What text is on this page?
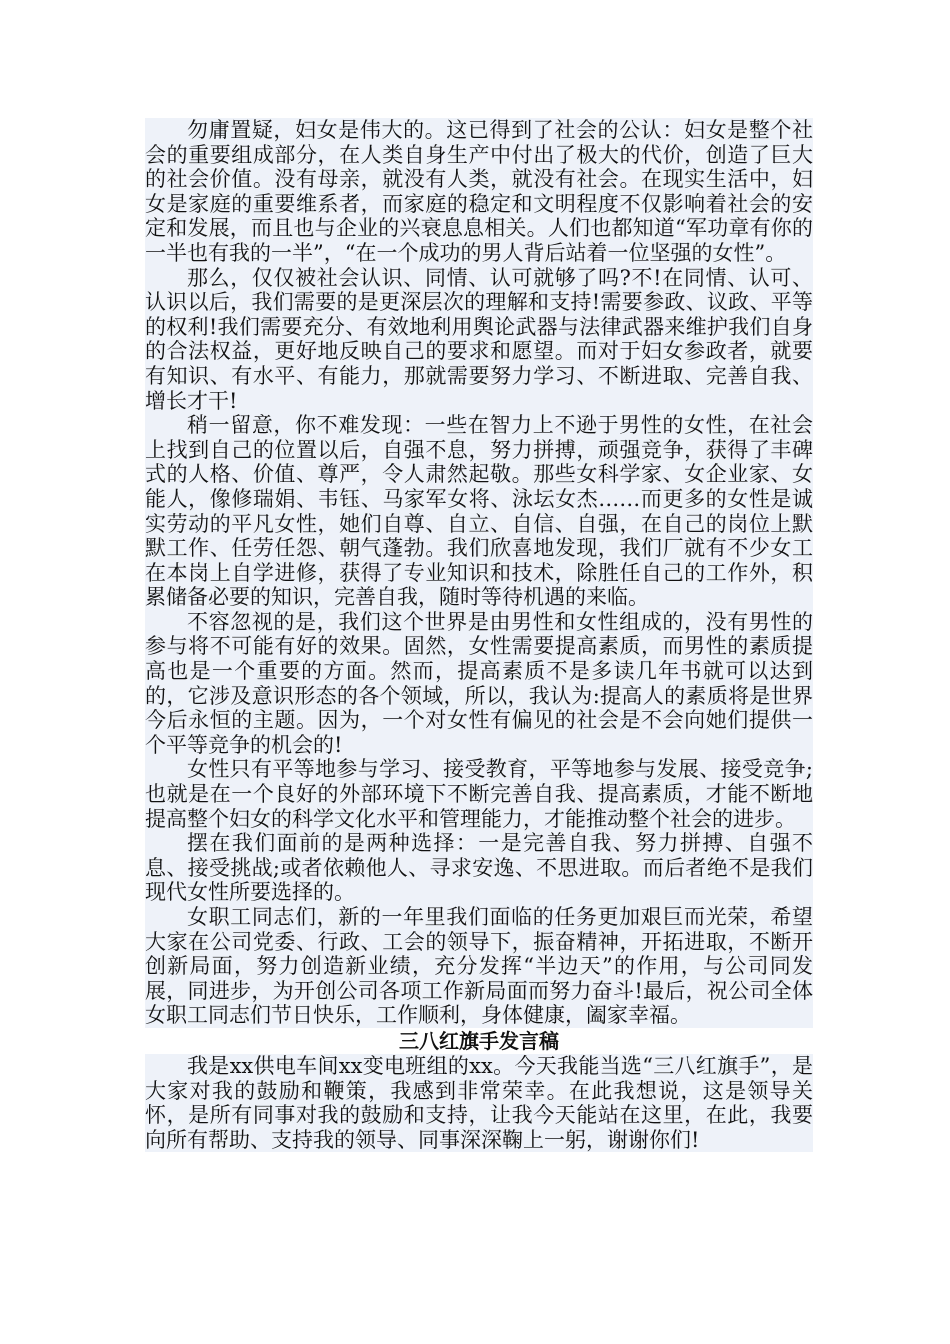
勿庸置疑，妇女是伟大的。这已得到了社会的公认：妇女是整个社会的重要组成部分，在人类自身生产中付出了极大的代价，创造了巨大的社会价值。没有母亲，就没有人类，就没有社会。在现实生活中，妇女是家庭的重要维系者，而家庭的稳定和文明程度不仅影响着社会的安定和发展，而且也与企业的兴衰息息相关。人们也都知道“军功章有你的一半也有我的一半”，“在一个成功的男人背后站着一位坚强的女性”。

那么，仅仅被社会认识、同情、认可就够了吗?不!在同情、认可、认识以后，我们需要的是更深层次的理解和支持!需要参政、议政、平等的权利!我们需要充分、有效地利用舆论武器与法律武器来维护我们自身的合法权益，更好地反映自己的要求和愿望。而对于妇女参政者，就要有知识、有水平、有能力，那就需要努力学习、不断进取、完善自我、增长才干!

稍一留意，你不难发现：一些在智力上不逊于男性的女性，在社会上找到自己的位置以后，自强不息，努力拼搏，顽强竞争，获得了丰碑式的人格、价值、尊严，令人肃然起敬。那些女科学家、女企业家、女能人，像修瑞娟、韦钰、马家军女将、泳坛女杰……而更多的女性是诚实劳动的平凡女性，她们自尊、自立、自信、自强，在自己的岗位上默默工作、任劳任怨、朝气蓬勃。我们欣喜地发现，我们厂就有不少女工在本岗上自学进修，获得了专业知识和技术，除胜任自己的工作外，积累储备必要的知识，完善自我，随时等待机遇的来临。

不容忽视的是，我们这个世界是由男性和女性组成的，没有男性的参与将不可能有好的效果。固然，女性需要提高素质，而男性的素质提高也是一个重要的方面。然而，提高素质不是多读几年书就可以达到的，它涉及意识形态的各个领域，所以，我认为:提高人的素质将是世界今后永恒的主题。因为，一个对女性有偏见的社会是不会向她们提供一个平等竞争的机会的!

女性只有平等地参与学习、接受教育，平等地参与发展、接受竞争;也就是在一个良好的外部环境下不断完善自我、提高素质，才能不断地提高整个妇女的科学文化水平和管理能力，才能推动整个社会的进步。

摆在我们面前的是两种选择：一是完善自我、努力拼搏、自强不息、接受挑战;或者依赖他人、寻求安逸、不思进取。而后者绝不是我们现代女性所要选择的。

女职工同志们，新的一年里我们面临的任务更加艰巨而光荣，希望大家在公司党委、行政、工会的领导下，振奋精神，开拓进取，不断开创新局面，努力创造新业绩，充分发挥“半边天”的作用，与公司同发展，同进步，为开创公司各项工作新局面而努力奋斗!最后，祝公司全体女职工同志们节日快乐，工作顺利，身体健康，阖家幸福。

三八红旗手发言稿

我是xx供电车间xx变电班组的xx。今天我能当选“三八红旗手”，是大家对我的鼓励和鞭策，我感到非常荣幸。在此我想说，这是领导关怀，是所有同事对我的鼓励和支持，让我今天能站在这里，在此，我要向所有帮助、支持我的领导、同事深深鞠上一躬，谢谢你们!
